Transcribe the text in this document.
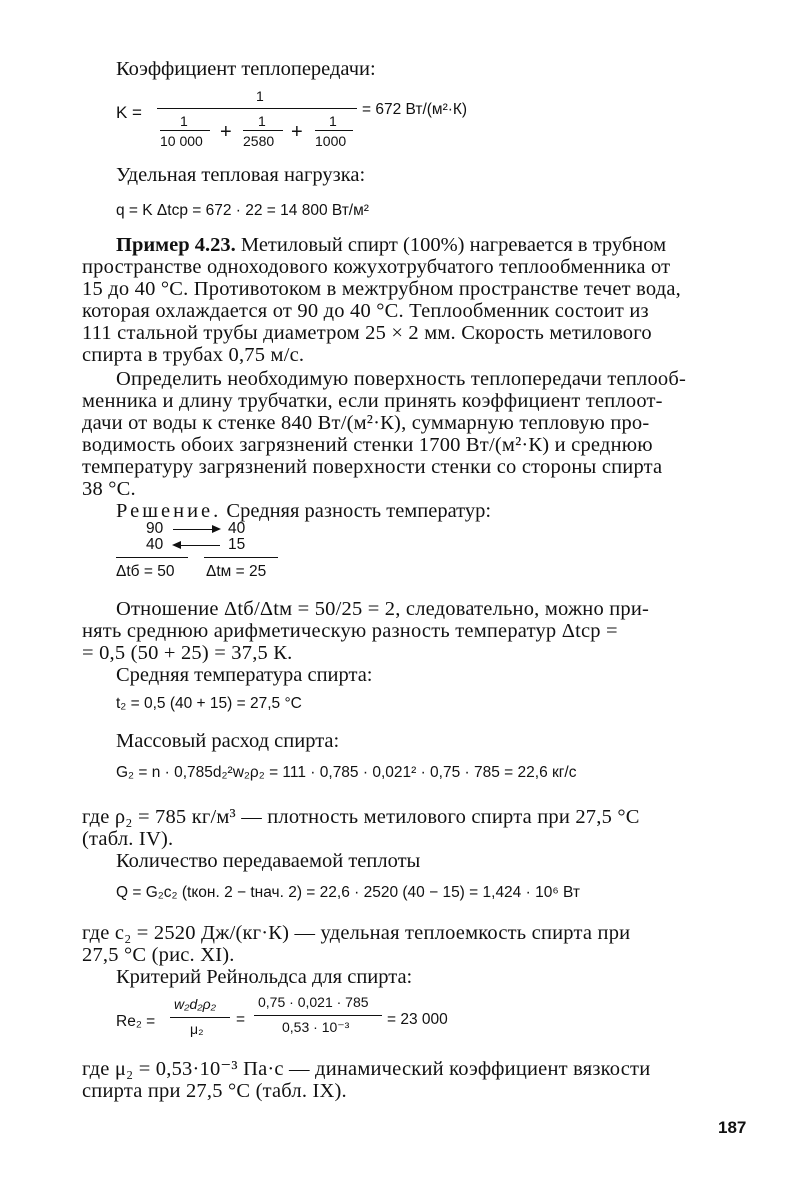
Коэффициент теплопередачи:
K =
1
1
10 000 + 1
2580 + 1
1000
= 672 Вт/(м²·К)
Удельная тепловая нагрузка:
q = K Δtср = 672 · 22 = 14 800 Вт/м²
Пример 4.23. Метиловый спирт (100%) нагревается в трубном
пространстве одноходового кожухотрубчатого теплообменника от
15 до 40 °С. Противотоком в межтрубном пространстве течет вода,
которая охлаждается от 90 до 40 °С. Теплообменник состоит из
111 стальной трубы диаметром 25 × 2 мм. Скорость метилового
спирта в трубах 0,75 м/с.
Определить необходимую поверхность теплопередачи теплооб-
менника и длину трубчатки, если принять коэффициент теплоот-
дачи от воды к стенке 840 Вт/(м²·К), суммарную тепловую про-
водимость обоих загрязнений стенки 1700 Вт/(м²·К) и среднюю
температуру загрязнений поверхности стенки со стороны спирта
38 °С.
Решение. Средняя разность температур:
90	40
40	15
Δtб = 50 Δtм = 25
Отношение Δtб/Δtм = 50/25 = 2, следовательно, можно при-
нять среднюю арифметическую разность температур Δtср =
= 0,5 (50 + 25) = 37,5 К.
Средняя температура спирта:
t₂ = 0,5 (40 + 15) = 27,5 °С
Массовый расход спирта:
G₂ = n · 0,785d₂²w₂ρ₂ = 111 · 0,785 · 0,021² · 0,75 · 785 = 22,6 кг/с
где ρ₂ = 785 кг/м³ — плотность метилового спирта при 27,5 °С
(табл. IV).
Количество передаваемой теплоты
Q = G₂c₂ (tкон. 2 − tнач. 2) = 22,6 · 2520 (40 − 15) = 1,424 · 10⁶ Вт
где c₂ = 2520 Дж/(кг·К) — удельная теплоемкость спирта при
27,5 °С (рис. XI).
Критерий Рейнольдса для спирта:
Re₂ =
w₂d₂ρ₂
μ₂
=
0,75 · 0,021 · 785
0,53 · 10⁻³ = 23 000
где μ₂ = 0,53·10⁻³ Па·с — динамический коэффициент вязкости
спирта при 27,5 °С (табл. IX).
187
